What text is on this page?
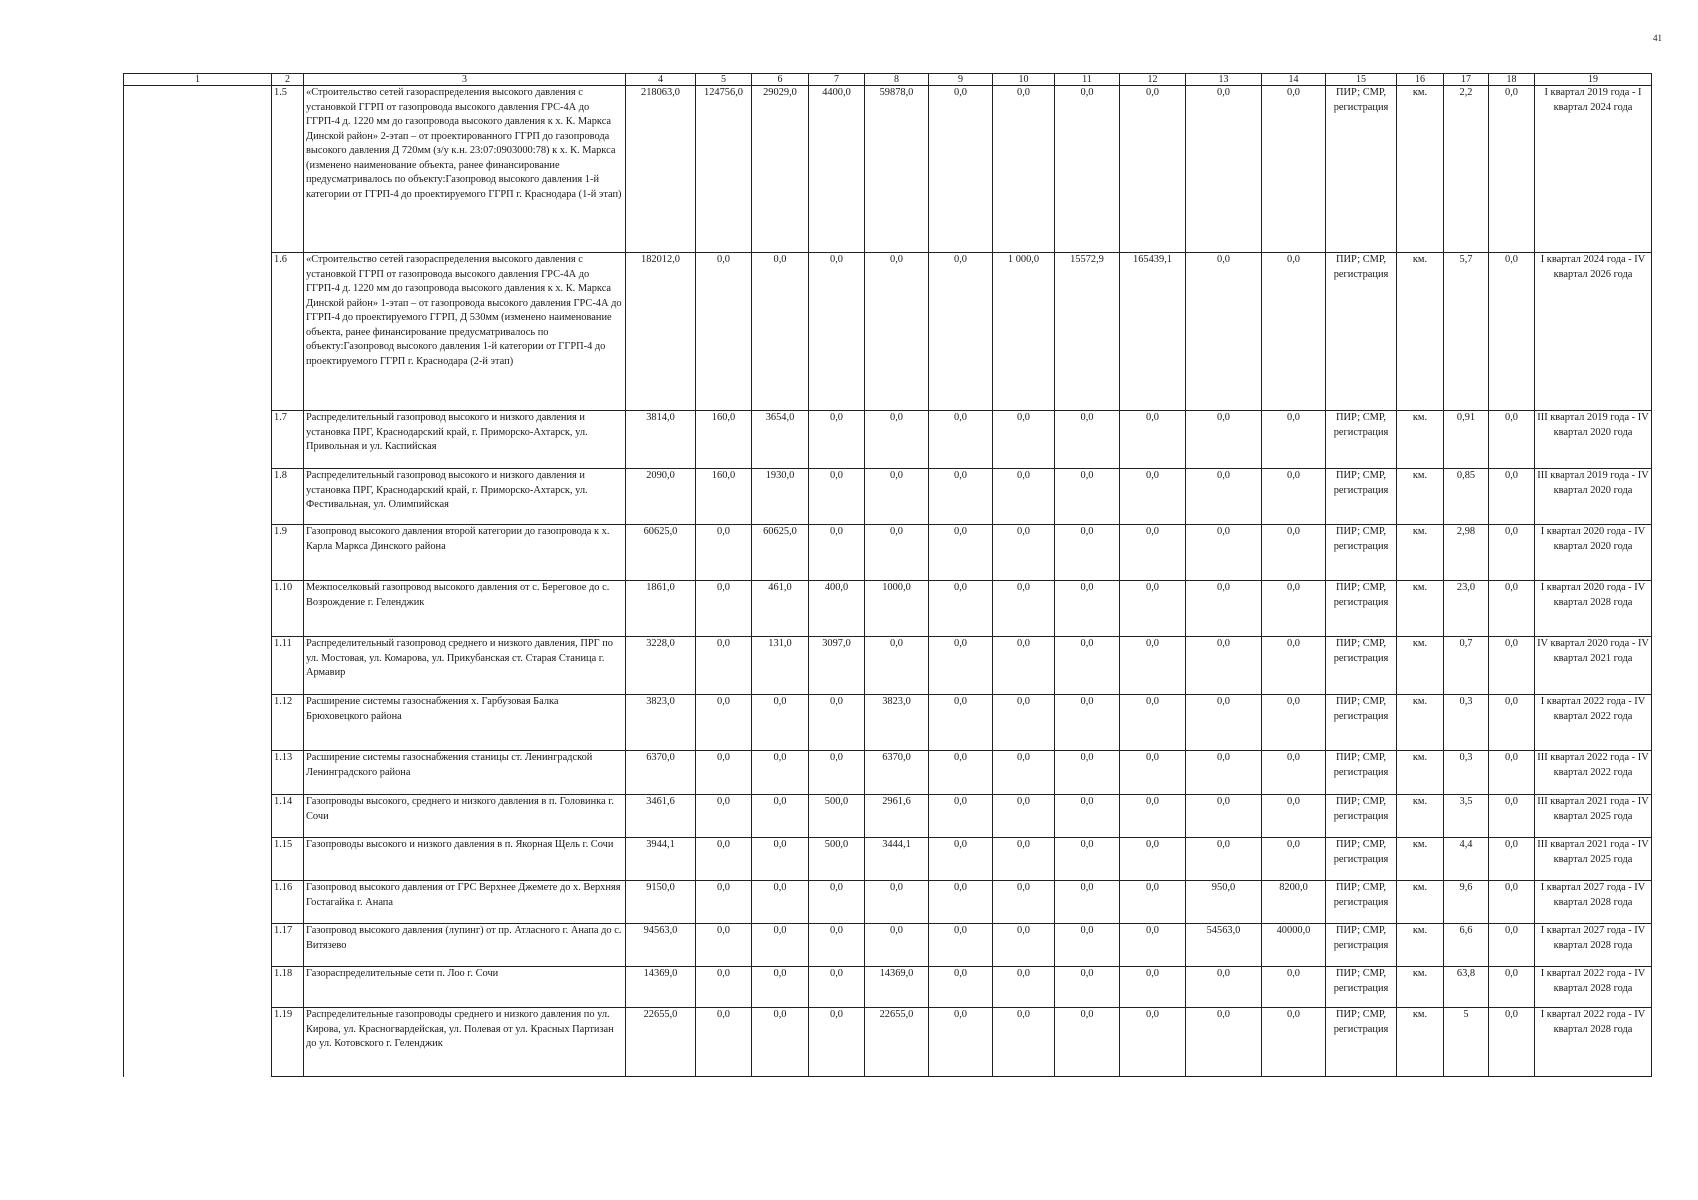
41
1	2	3	4	5	6	7	8	9	10	11	12	13	14	15	16	17	18	19
	1.5	«Строительство сетей газораспределения высокого давления с установкой ГГРП от газопровода высокого давления ГРС-4А до ГГРП-4 д. 1220 мм до газопровода высокого давления к х. К. Маркса Динской район» 2-этап – от проектированного ГГРП до газопровода высокого давления Д 720мм (з/у к.н. 23:07:0903000:78) к х. К. Маркса (изменено наименование объекта, ранее финансирование предусматривалось по объекту:Газопровод высокого давления 1-й категории от ГГРП-4 до проектируемого ГГРП г. Краснодара (1-й этап)	218063,0	124756,0	29029,0	4400,0	59878,0	0,0	0,0	0,0	0,0	0,0	0,0	ПИР; СМР, регистрация	км.	2,2	0,0	I квартал 2019 года - I квартал 2024 года
	1.6	«Строительство сетей газораспределения высокого давления с установкой ГГРП от газопровода высокого давления ГРС-4А до ГГРП-4 д. 1220 мм до газопровода высокого давления к х. К. Маркса Динской район» 1-этап – от газопровода высокого давления ГРС-4А до ГГРП-4 до проектируемого ГГРП, Д 530мм (изменено наименование объекта, ранее финансирование предусматривалось по объекту:Газопровод высокого давления 1-й категории от ГГРП-4 до проектируемого ГГРП г. Краснодара (2-й этап)	182012,0	0,0	0,0	0,0	0,0	0,0	1 000,0	15572,9	165439,1	0,0	0,0	ПИР; СМР, регистрация	км.	5,7	0,0	I квартал 2024 года - IV квартал 2026 года
	1.7	Распределительный газопровод высокого и низкого давления и установка ПРГ, Краснодарский край, г. Приморско-Ахтарск, ул. Привольная и ул. Каспийская	3814,0	160,0	3654,0	0,0	0,0	0,0	0,0	0,0	0,0	0,0	0,0	ПИР; СМР, регистрация	км.	0,91	0,0	III квартал 2019 года - IV квартал 2020 года
	1.8	Распределительный газопровод высокого и низкого давления и установка ПРГ, Краснодарский край, г. Приморско-Ахтарск, ул. Фестивальная, ул. Олимпийская	2090,0	160,0	1930,0	0,0	0,0	0,0	0,0	0,0	0,0	0,0	0,0	ПИР; СМР, регистрация	км.	0,85	0,0	III квартал 2019 года - IV квартал 2020 года
	1.9	Газопровод высокого давления второй категории до газопровода к х. Карла Маркса Динского района	60625,0	0,0	60625,0	0,0	0,0	0,0	0,0	0,0	0,0	0,0	0,0	ПИР; СМР, регистрация	км.	2,98	0,0	I квартал 2020 года - IV квартал 2020 года
	1.10	Межпоселковый газопровод высокого давления от с. Береговое до с. Возрождение г. Геленджик	1861,0	0,0	461,0	400,0	1000,0	0,0	0,0	0,0	0,0	0,0	0,0	ПИР; СМР, регистрация	км.	23,0	0,0	I квартал 2020 года - IV квартал 2028 года
	1.11	Распределительный газопровод среднего и низкого давления, ПРГ по ул. Мостовая, ул. Комарова, ул. Прикубанская ст. Старая Станица г. Армавир	3228,0	0,0	131,0	3097,0	0,0	0,0	0,0	0,0	0,0	0,0	0,0	ПИР; СМР, регистрация	км.	0,7	0,0	IV квартал 2020 года - IV квартал 2021 года
	1.12	Расширение системы газоснабжения х. Гарбузовая Балка Брюховецкого района	3823,0	0,0	0,0	0,0	3823,0	0,0	0,0	0,0	0,0	0,0	0,0	ПИР; СМР, регистрация	км.	0,3	0,0	I квартал 2022 года - IV квартал 2022 года
	1.13	Расширение системы газоснабжения станицы ст. Ленинградской Ленинградского района	6370,0	0,0	0,0	0,0	6370,0	0,0	0,0	0,0	0,0	0,0	0,0	ПИР; СМР, регистрация	км.	0,3	0,0	III квартал 2022 года - IV квартал 2022 года
	1.14	Газопроводы высокого, среднего и низкого давления в п. Головинка г. Сочи	3461,6	0,0	0,0	500,0	2961,6	0,0	0,0	0,0	0,0	0,0	0,0	ПИР; СМР, регистрация	км.	3,5	0,0	III квартал 2021 года - IV квартал 2025 года
	1.15	Газопроводы высокого и низкого давления в п. Якорная Щель г. Сочи	3944,1	0,0	0,0	500,0	3444,1	0,0	0,0	0,0	0,0	0,0	0,0	ПИР; СМР, регистрация	км.	4,4	0,0	III квартал 2021 года - IV квартал 2025 года
	1.16	Газопровод высокого давления от ГРС Верхнее Джемете до х. Верхняя Гостагайка г. Анапа	9150,0	0,0	0,0	0,0	0,0	0,0	0,0	0,0	0,0	950,0	8200,0	ПИР; СМР, регистрация	км.	9,6	0,0	I квартал 2027 года - IV квартал 2028 года
	1.17	Газопровод высокого давления (лупинг) от пр. Атласного г. Анапа до с. Витязево	94563,0	0,0	0,0	0,0	0,0	0,0	0,0	0,0	0,0	54563,0	40000,0	ПИР; СМР, регистрация	км.	6,6	0,0	I квартал 2027 года - IV квартал 2028 года
	1.18	Газораспределительные сети п. Лоо г. Сочи	14369,0	0,0	0,0	0,0	14369,0	0,0	0,0	0,0	0,0	0,0	0,0	ПИР; СМР, регистрация	км.	63,8	0,0	I квартал 2022 года - IV квартал 2028 года
	1.19	Распределительные газопроводы среднего и низкого давления по ул. Кирова, ул. Красногвардейская, ул. Полевая от ул. Красных Партизан до ул. Котовского г. Геленджик	22655,0	0,0	0,0	0,0	22655,0	0,0	0,0	0,0	0,0	0,0	0,0	ПИР; СМР, регистрация	км.	5	0,0	I квартал 2022 года - IV квартал 2028 года
